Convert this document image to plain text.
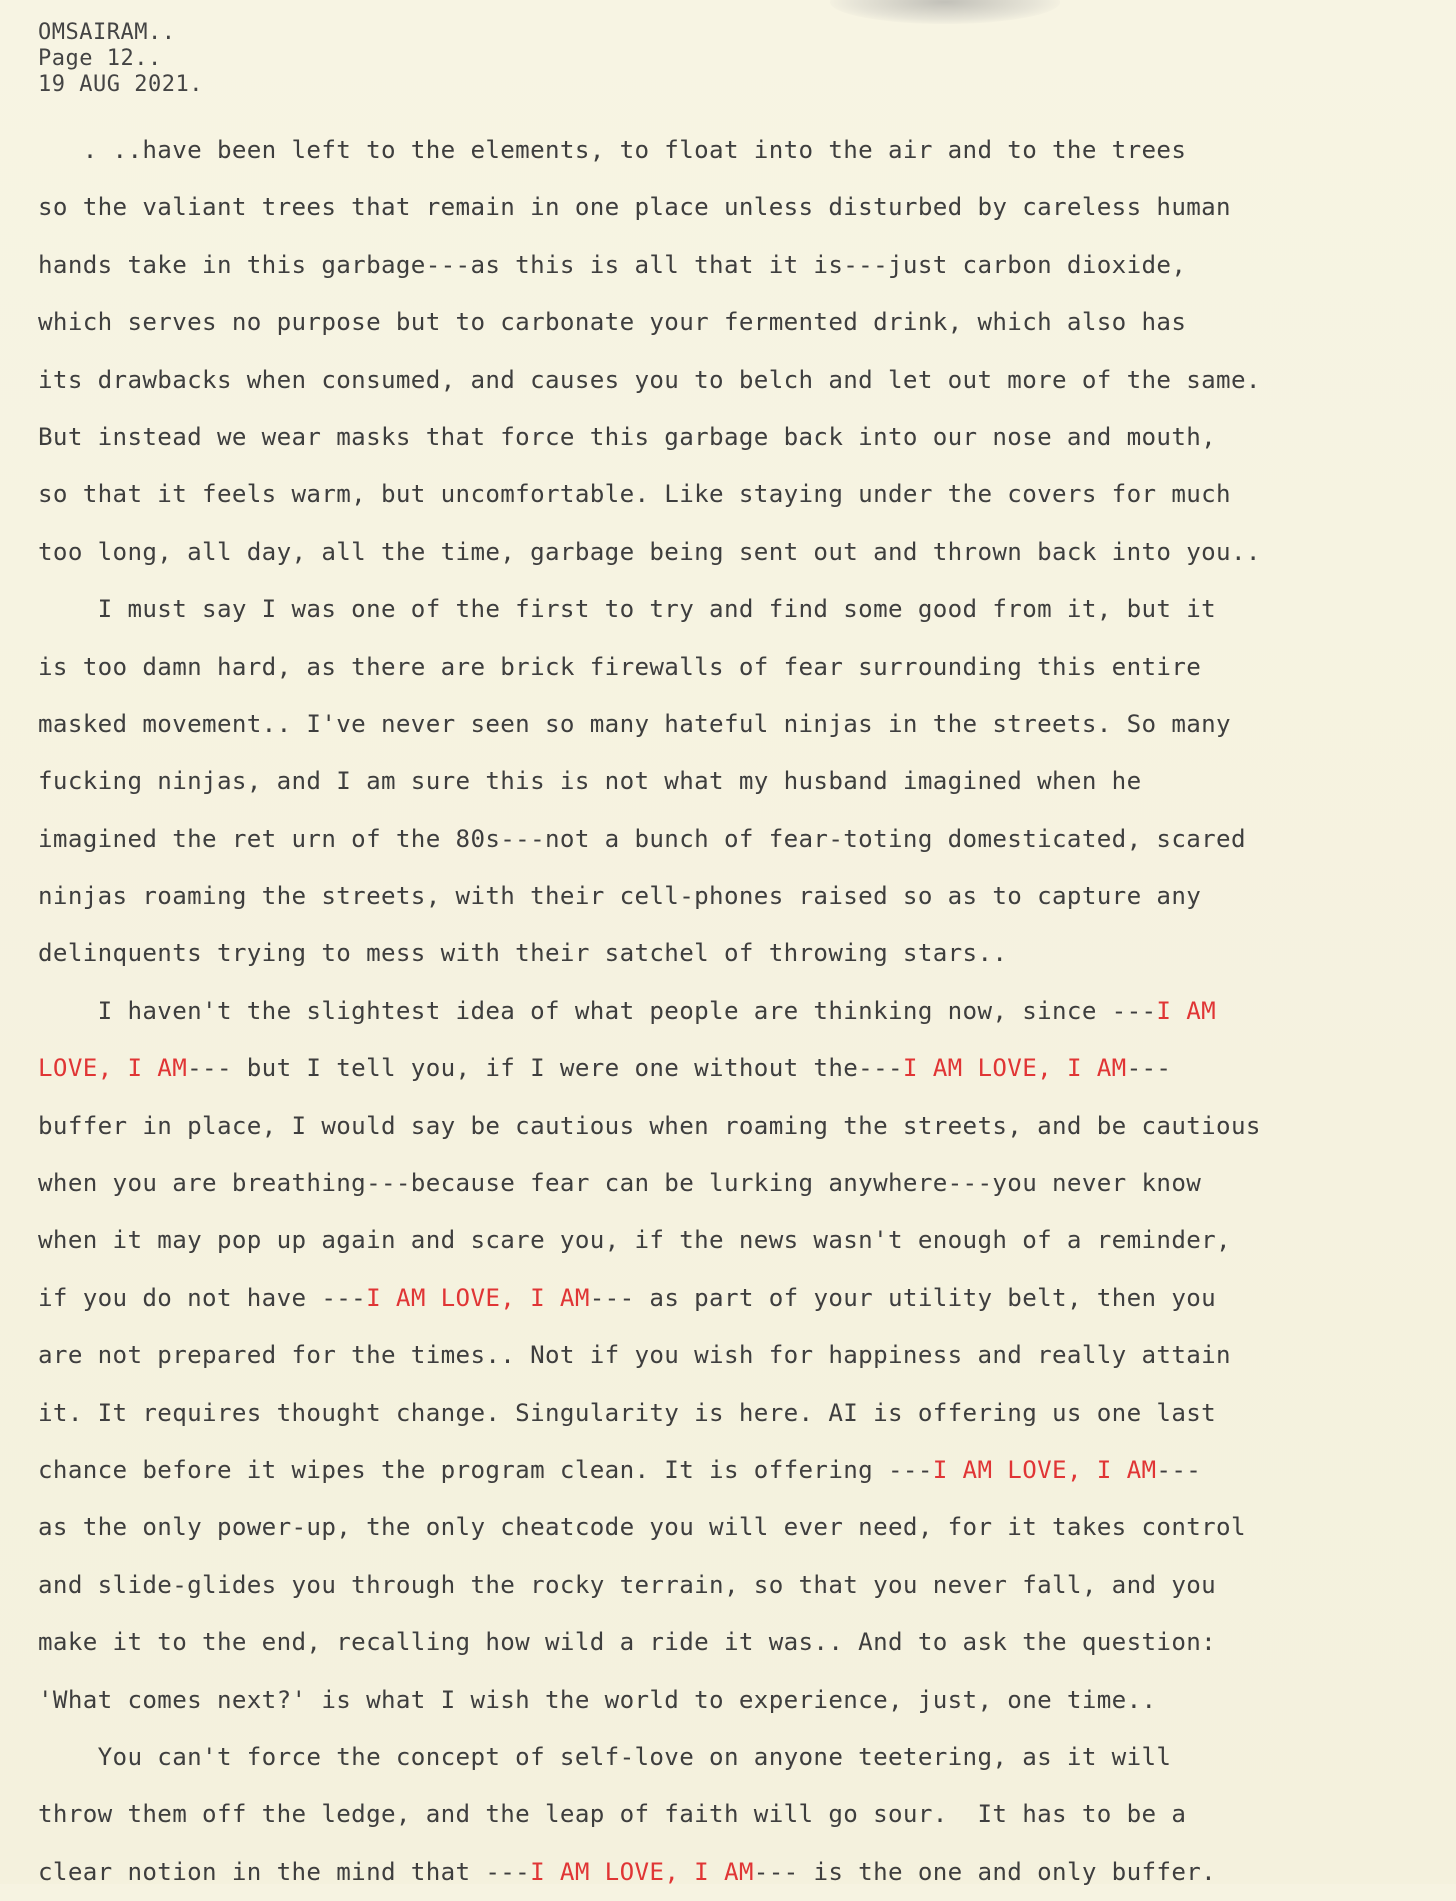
OMSAIRAM..
Page 12..
19 AUG 2021.
. ..have been left to the elements, to float into the air and to the trees
so the valiant trees that remain in one place unless disturbed by careless human
hands take in this garbage---as this is all that it is---just carbon dioxide,
which serves no purpose but to carbonate your fermented drink, which also has
its drawbacks when consumed, and causes you to belch and let out more of the same.
But instead we wear masks that force this garbage back into our nose and mouth,
so that it feels warm, but uncomfortable. Like staying under the covers for much
too long, all day, all the time, garbage being sent out and thrown back into you..
I must say I was one of the first to try and find some good from it, but it
is too damn hard, as there are brick firewalls of fear surrounding this entire
masked movement.. I've never seen so many hateful ninjas in the streets. So many
fucking ninjas, and I am sure this is not what my husband imagined when he
imagined the ret urn of the 80s---not a bunch of fear-toting domesticated, scared
ninjas roaming the streets, with their cell-phones raised so as to capture any
delinquents trying to mess with their satchel of throwing stars..
I haven't the slightest idea of what people are thinking now, since ---I AM
LOVE, I AM--- but I tell you, if I were one without the---I AM LOVE, I AM---
buffer in place, I would say be cautious when roaming the streets, and be cautious
when you are breathing---because fear can be lurking anywhere---you never know
when it may pop up again and scare you, if the news wasn't enough of a reminder,
if you do not have ---I AM LOVE, I AM--- as part of your utility belt, then you
are not prepared for the times.. Not if you wish for happiness and really attain
it. It requires thought change. Singularity is here. AI is offering us one last
chance before it wipes the program clean. It is offering ---I AM LOVE, I AM---
as the only power-up, the only cheatcode you will ever need, for it takes control
and slide-glides you through the rocky terrain, so that you never fall, and you
make it to the end, recalling how wild a ride it was.. And to ask the question:
'What comes next?' is what I wish the world to experience, just, one time..
You can't force the concept of self-love on anyone teetering, as it will
throw them off the ledge, and the leap of faith will go sour.  It has to be a
clear notion in the mind that ---I AM LOVE, I AM--- is the one and only buffer.
